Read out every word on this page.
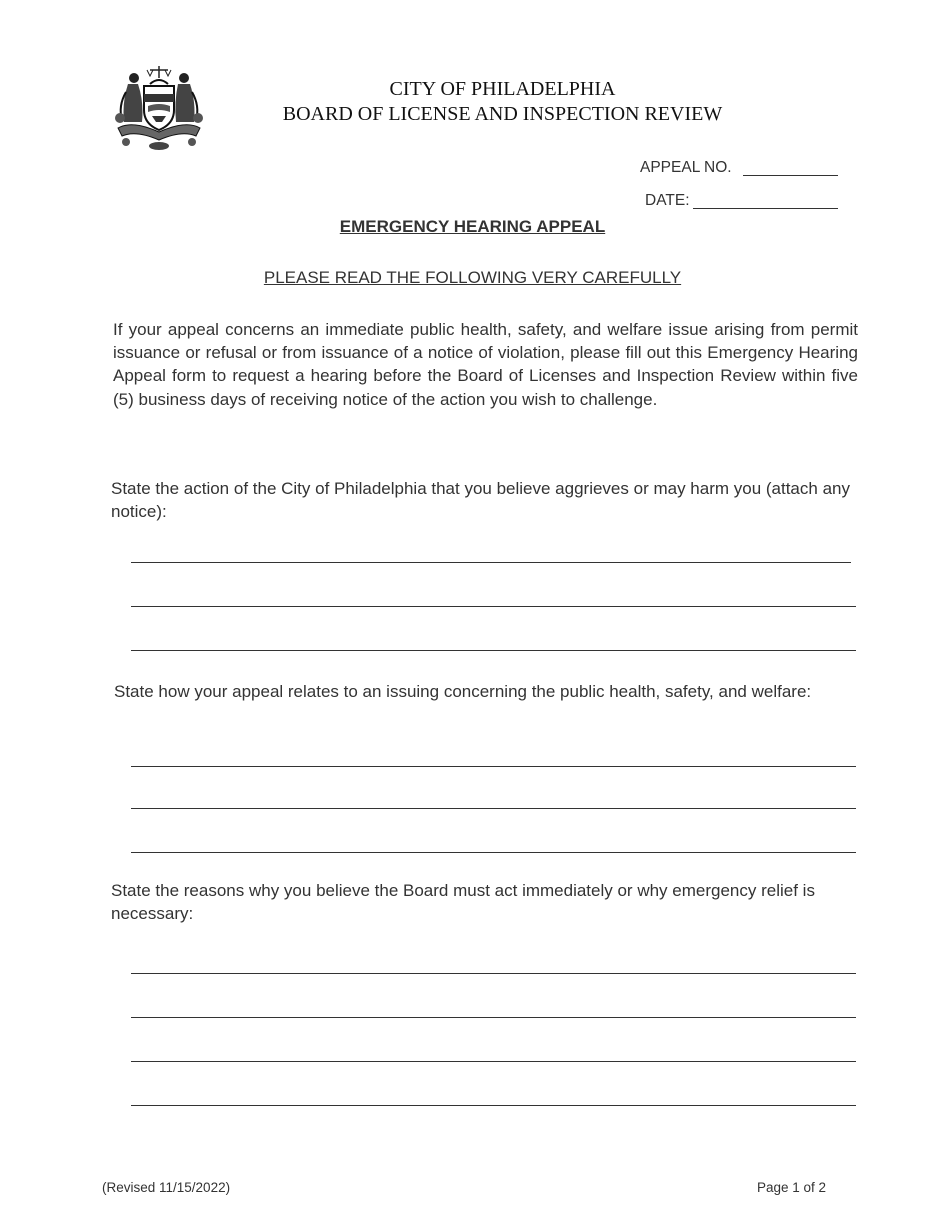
CITY OF PHILADELPHIA
BOARD OF LICENSE AND INSPECTION REVIEW
APPEAL NO.
DATE:
EMERGENCY HEARING APPEAL
PLEASE READ THE FOLLOWING VERY CAREFULLY

If your appeal concerns an immediate public health, safety, and welfare issue arising from permit issuance or refusal or from issuance of a notice of violation, please fill out this Emergency Hearing Appeal form to request a hearing before the Board of Licenses and Inspection Review within five (5) business days of receiving notice of the action you wish to challenge.

State the action of the City of Philadelphia that you believe aggrieves or may harm you (attach any notice):

State how your appeal relates to an issuing concerning the public health, safety, and welfare:

State the reasons why you believe the Board must act immediately or why emergency relief is necessary:

(Revised 11/15/2022)	Page 1 of 2
